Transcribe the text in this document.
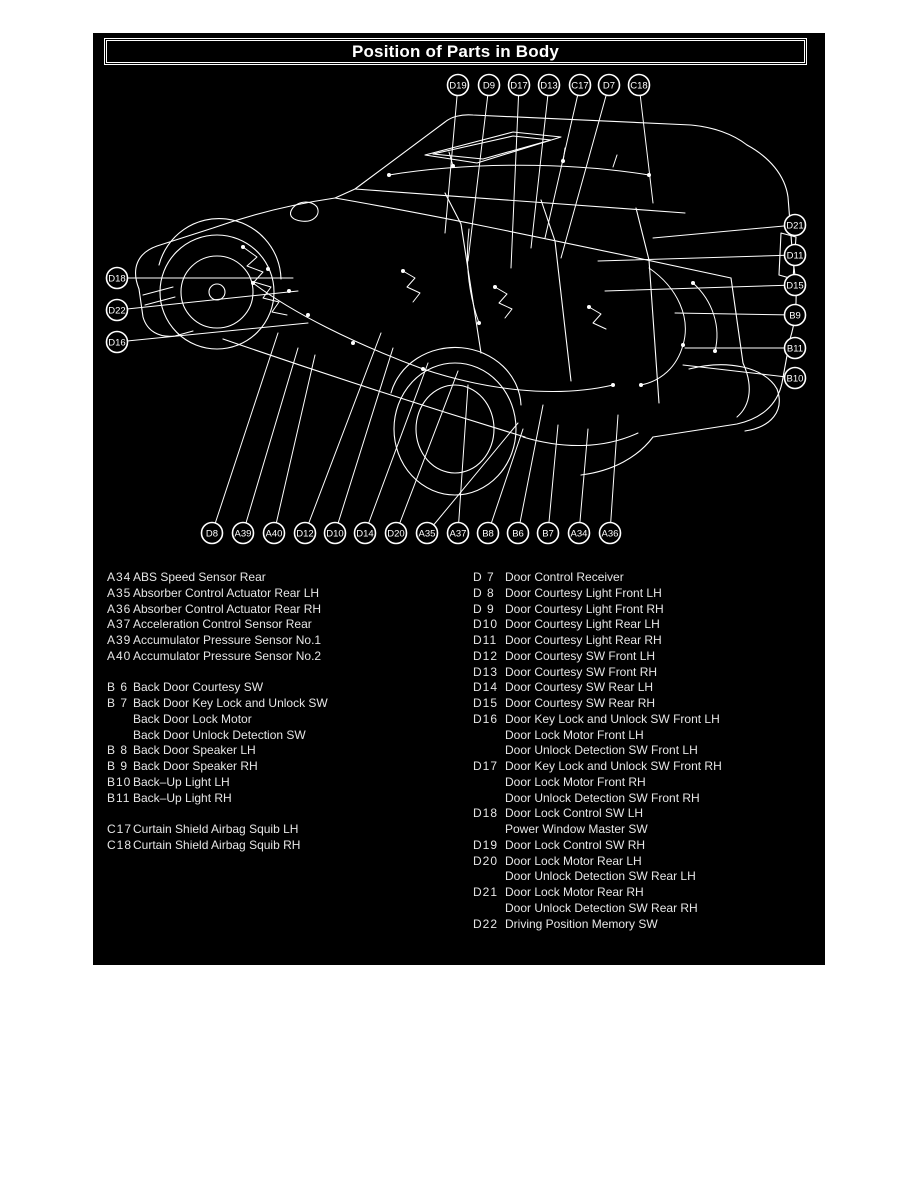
Position of Parts in Body
D19 D9 D17 D13 C17 D7 C18
D21
D11
D15
B9
B11
B10
D18
D22
D16
D8 A39 A40 D12 D10 D14 D20 A35 A37 B8 B6 B7 A34 A36
A34 ABS Speed Sensor Rear
A35 Absorber Control Actuator Rear LH
A36 Absorber Control Actuator Rear RH
A37 Acceleration Control Sensor Rear
A39 Accumulator Pressure Sensor No.1
A40 Accumulator Pressure Sensor No.2
B 6 Back Door Courtesy SW
B 7 Back Door Key Lock and Unlock SW
Back Door Lock Motor
Back Door Unlock Detection SW
B 8 Back Door Speaker LH
B 9 Back Door Speaker RH
B10 Back–Up Light LH
B11 Back–Up Light RH
C17 Curtain Shield Airbag Squib LH
C18 Curtain Shield Airbag Squib RH
D 7 Door Control Receiver
D 8 Door Courtesy Light Front LH
D 9 Door Courtesy Light Front RH
D10 Door Courtesy Light Rear LH
D11 Door Courtesy Light Rear RH
D12 Door Courtesy SW Front LH
D13 Door Courtesy SW Front RH
D14 Door Courtesy SW Rear LH
D15 Door Courtesy SW Rear RH
D16 Door Key Lock and Unlock SW Front LH
Door Lock Motor Front LH
Door Unlock Detection SW Front LH
D17 Door Key Lock and Unlock SW Front RH
Door Lock Motor Front RH
Door Unlock Detection SW Front RH
D18 Door Lock Control SW LH
Power Window Master SW
D19 Door Lock Control SW RH
D20 Door Lock Motor Rear LH
Door Unlock Detection SW Rear LH
D21 Door Lock Motor Rear RH
Door Unlock Detection SW Rear RH
D22 Driving Position Memory SW
